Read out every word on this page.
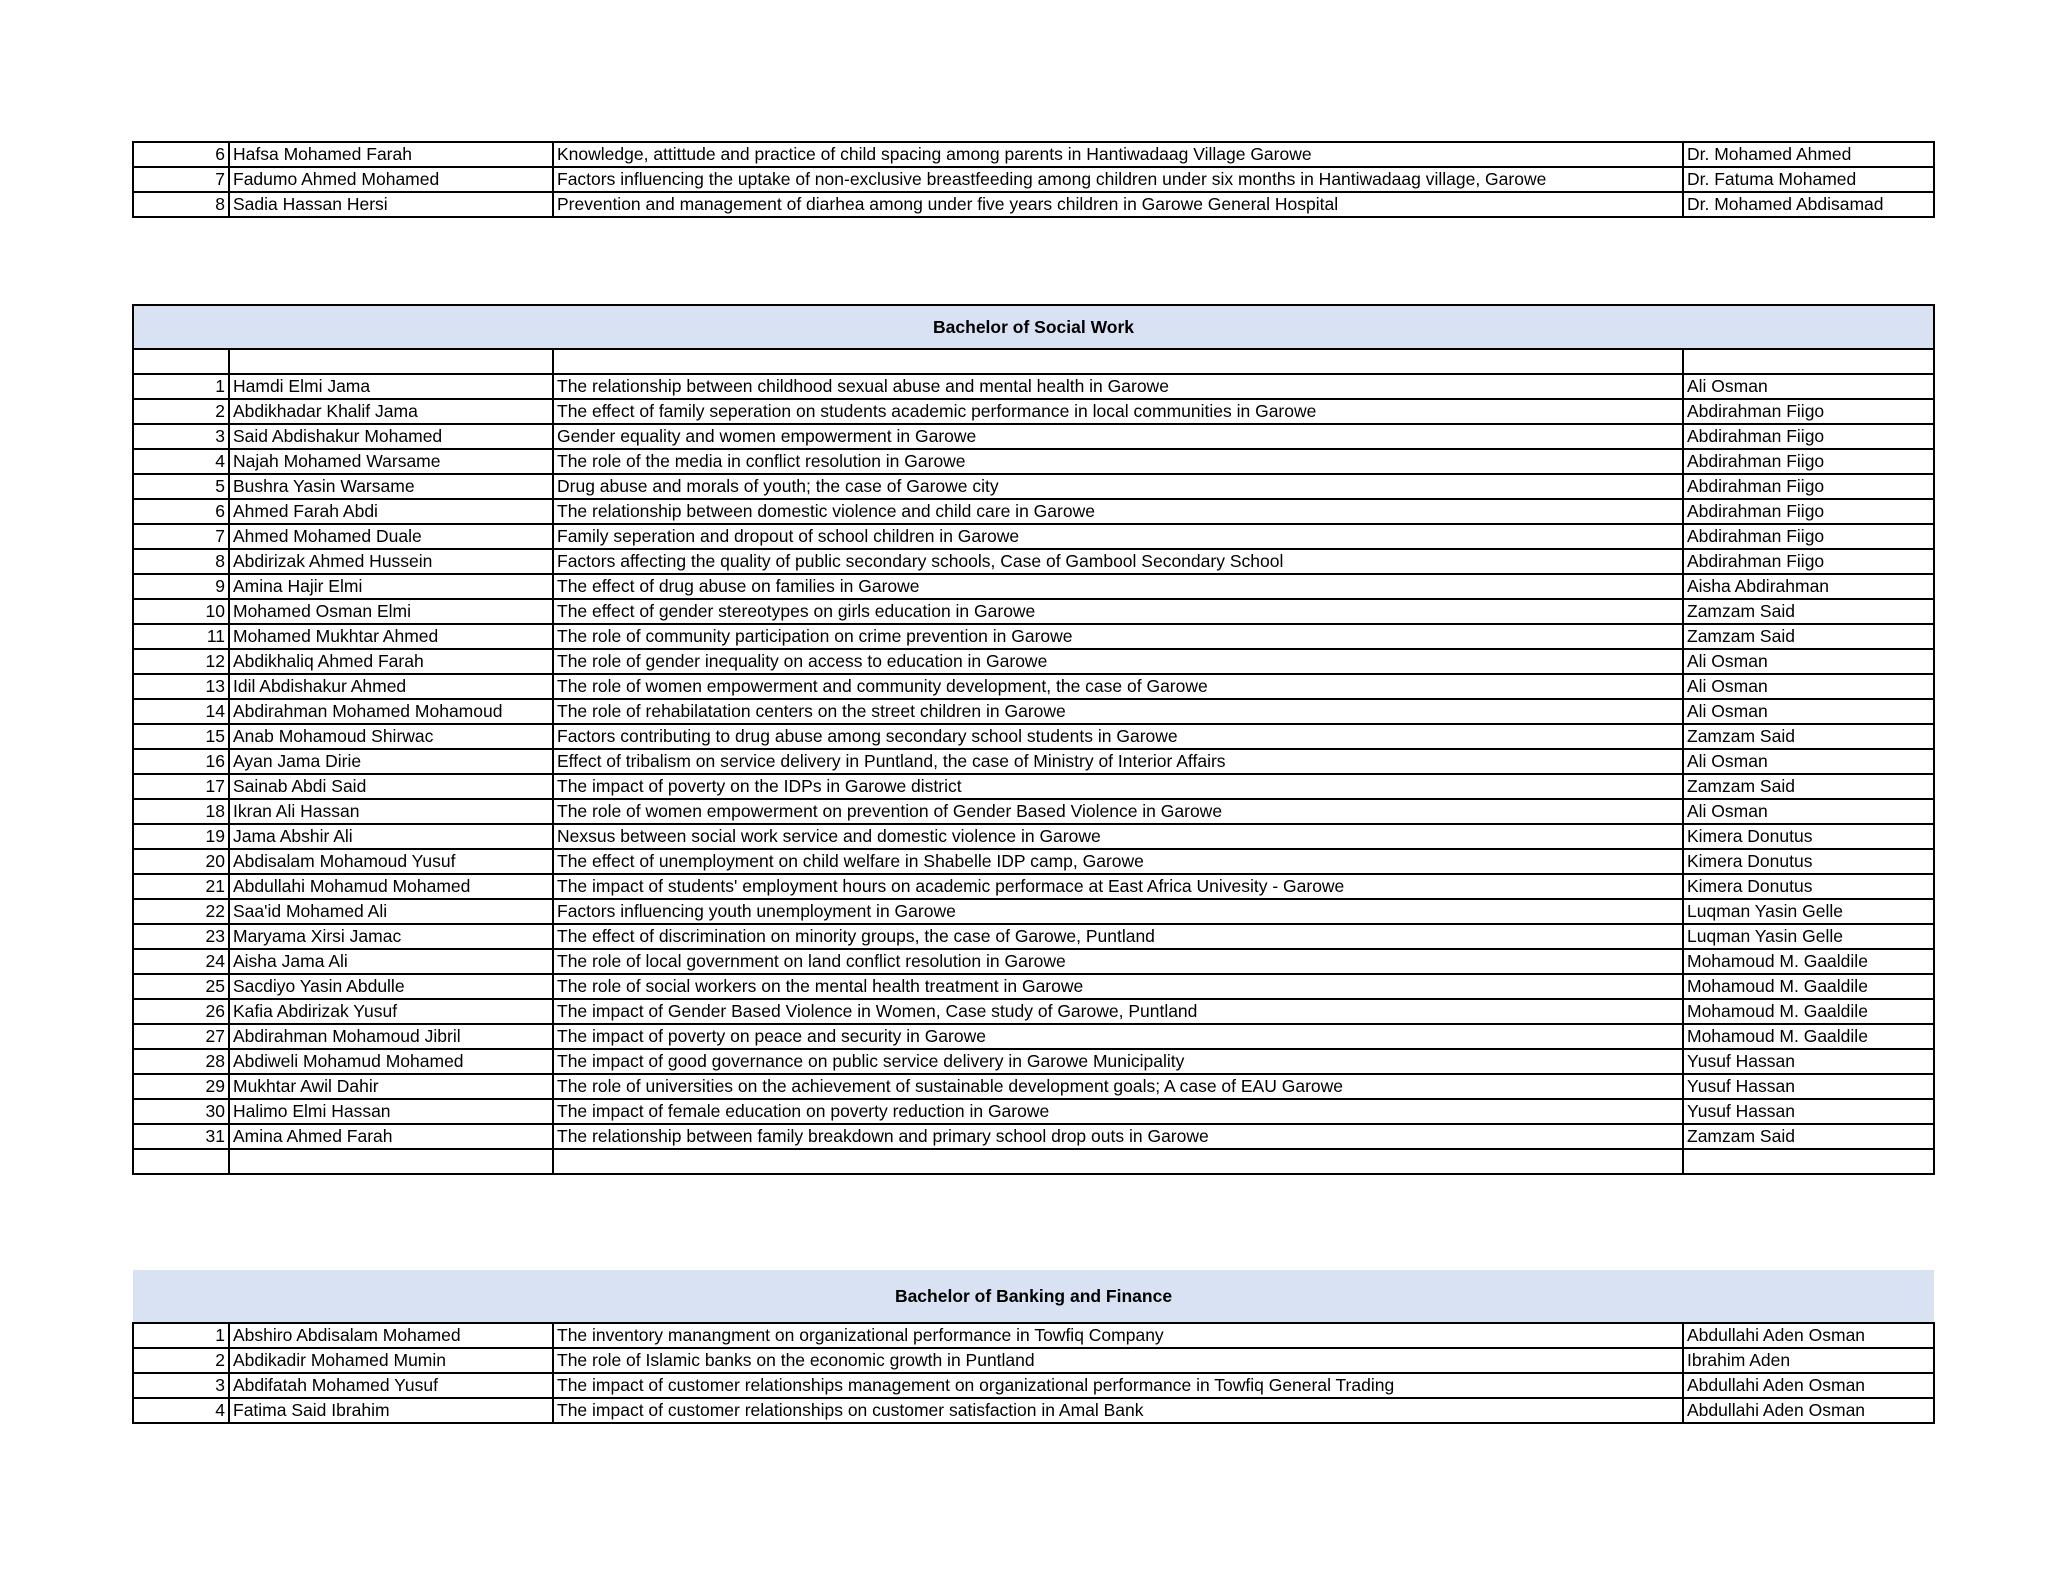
6	Hafsa Mohamed Farah	Knowledge, attittude and practice of child spacing among parents in Hantiwadaag Village Garowe	Dr. Mohamed Ahmed
7	Fadumo Ahmed Mohamed	Factors influencing the uptake of non-exclusive breastfeeding among children under six months in Hantiwadaag village, Garowe	Dr. Fatuma Mohamed
8	Sadia Hassan Hersi	Prevention and management of diarhea among under five years children in Garowe General Hospital	Dr. Mohamed Abdisamad
Bachelor of Social Work			

1	Hamdi Elmi Jama	The relationship between childhood sexual abuse and mental health in Garowe	Ali Osman
2	Abdikhadar Khalif Jama	The effect of family seperation on students academic performance in local communities in Garowe	Abdirahman Fiigo
3	Said Abdishakur Mohamed	Gender equality and women empowerment in Garowe	Abdirahman Fiigo
4	Najah Mohamed Warsame	The role of the media in conflict resolution in Garowe	Abdirahman Fiigo
5	Bushra Yasin Warsame	Drug abuse and morals of youth; the case of Garowe city	Abdirahman Fiigo
6	Ahmed Farah Abdi	The relationship between domestic violence and child care in Garowe	Abdirahman Fiigo
7	Ahmed Mohamed Duale	Family seperation and dropout of school children in Garowe	Abdirahman Fiigo
8	Abdirizak Ahmed Hussein	Factors affecting the quality of public secondary schools, Case of Gambool Secondary School	Abdirahman Fiigo
9	Amina Hajir Elmi	The effect of drug abuse on families in Garowe	Aisha Abdirahman
10	Mohamed Osman Elmi	The effect of gender stereotypes on girls education in Garowe	Zamzam Said
11	Mohamed Mukhtar Ahmed	The role of community participation on crime prevention in Garowe	Zamzam Said
12	Abdikhaliq Ahmed Farah	The role of gender inequality on access to education in Garowe	Ali Osman
13	Idil Abdishakur Ahmed	The role of women empowerment and community development, the case of Garowe	Ali Osman
14	Abdirahman Mohamed Mohamoud	The role of rehabilatation centers on the street children in Garowe	Ali Osman
15	Anab Mohamoud Shirwac	Factors contributing to drug abuse among secondary school students in Garowe	Zamzam Said
16	Ayan Jama Dirie	Effect of tribalism on service delivery in Puntland, the case of Ministry of Interior Affairs	Ali Osman
17	Sainab Abdi Said	The impact of poverty on the IDPs in Garowe district	Zamzam Said
18	Ikran Ali Hassan	The role of women empowerment on prevention of Gender Based Violence in Garowe	Ali Osman
19	Jama Abshir Ali	Nexsus between social work service and domestic violence in Garowe	Kimera Donutus
20	Abdisalam Mohamoud Yusuf	The effect of unemployment on child welfare in Shabelle IDP camp, Garowe	Kimera Donutus
21	Abdullahi Mohamud Mohamed	The impact of students' employment hours on academic performace at East Africa Univesity - Garowe	Kimera Donutus
22	Saa'id Mohamed Ali	Factors influencing youth unemployment in Garowe	Luqman Yasin Gelle
23	Maryama Xirsi Jamac	The effect of discrimination on minority groups, the case of Garowe, Puntland	Luqman Yasin Gelle
24	Aisha Jama Ali	The role of local government on land conflict resolution in Garowe	Mohamoud M. Gaaldile
25	Sacdiyo Yasin Abdulle	The role of social workers on the mental health treatment in Garowe	Mohamoud M. Gaaldile
26	Kafia Abdirizak Yusuf	The impact of Gender Based Violence in Women, Case study of Garowe, Puntland	Mohamoud M. Gaaldile
27	Abdirahman Mohamoud Jibril	The impact of poverty on peace and security in Garowe	Mohamoud M. Gaaldile
28	Abdiweli Mohamud Mohamed	The impact of good governance on public service delivery in Garowe Municipality	Yusuf Hassan
29	Mukhtar Awil Dahir	The role of universities on the achievement of sustainable development goals; A case of EAU Garowe	Yusuf Hassan
30	Halimo Elmi Hassan	The impact of female education on poverty reduction in Garowe	Yusuf Hassan
31	Amina Ahmed Farah	The relationship between family breakdown and primary school drop outs in Garowe	Zamzam Said

Bachelor of Banking and Finance			
1	Abshiro Abdisalam Mohamed	The inventory manangment on organizational performance in Towfiq Company	Abdullahi Aden Osman
2	Abdikadir Mohamed Mumin	The role of Islamic banks on the economic growth in Puntland	Ibrahim Aden
3	Abdifatah Mohamed Yusuf	The impact of customer relationships management on organizational performance in Towfiq General Trading	Abdullahi Aden Osman
4	Fatima Said Ibrahim	The impact of customer relationships on customer satisfaction in Amal Bank	Abdullahi Aden Osman
